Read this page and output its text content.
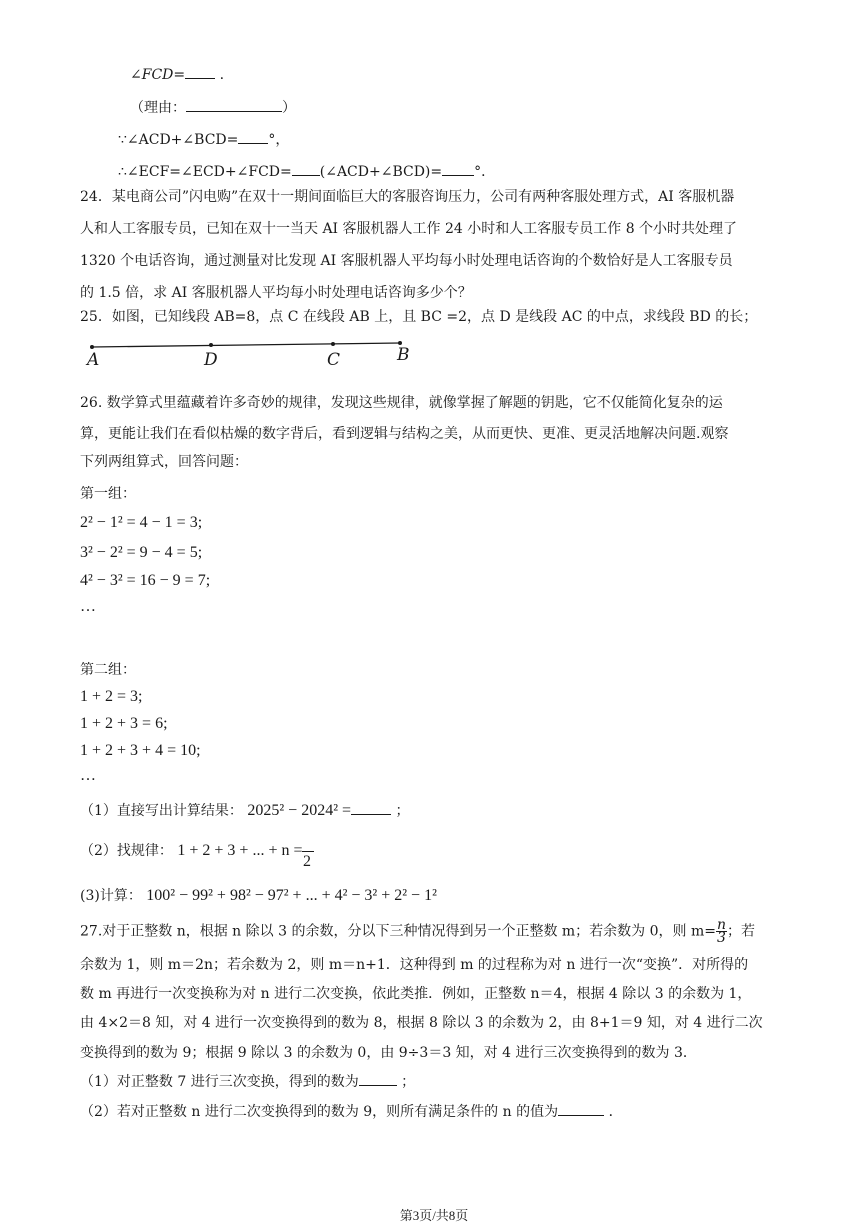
∠FCD= .
（理由：	）
∵∠ACD+∠BCD= °，
∴∠ECF=∠ECD+∠FCD= (∠ACD+∠BCD)= °．
24．某电商公司”闪电购”在双十一期间面临巨大的客服咨询压力，公司有两种客服处理方式，AI 客服机器
人和人工客服专员，已知在双十一当天 AI 客服机器人工作 24 小时和人工客服专员工作 8 个小时共处理了
1320 个电话咨询，通过测量对比发现 AI 客服机器人平均每小时处理电话咨询的个数恰好是人工客服专员
的 1.5 倍，求 AI 客服机器人平均每小时处理电话咨询多少个？
25．如图，已知线段 AB=8，点 C 在线段 AB 上，且 BC =2，点 D 是线段 AC 的中点，求线段 BD 的长；
A	D	C	B
26. 数学算式里蕴藏着许多奇妙的规律，发现这些规律，就像掌握了解题的钥匙，它不仅能简化复杂的运
算，更能让我们在看似枯燥的数字背后，看到逻辑与结构之美，从而更快、更准、更灵活地解决问题.观察
下列两组算式，回答问题：
第一组：
2² − 1² = 4 − 1 = 3;
3² − 2² = 9 − 4 = 5;
4² − 3² = 16 − 9 = 7;
…
第二组：
1 + 2 = 3;
1 + 2 + 3 = 6;
1 + 2 + 3 + 4 = 10;
…
（1）直接写出计算结果： 2025² − 2024² =	；
（2）找规律： 1 + 2 + 3 + ... + n =
2
(3)计算： 100² − 99² + 98² − 97² + ... + 4² − 3² + 2² − 1²
27.对于正整数 n，根据 n 除以 3 的余数，分以下三种情况得到另一个正整数 m；若余数为 0，则 $m= \frac{n}{3}$ ；若
余数为 1，则 m＝2n；若余数为 2，则 m＝n+1．这种得到 m 的过程称为对 n 进行一次“变换”．对所得的
数 m 再进行一次变换称为对 n 进行二次变换，依此类推．例如，正整数 n＝4，根据 4 除以 3 的余数为 1，
由 4×2＝8 知，对 4 进行一次变换得到的数为 8，根据 8 除以 3 的余数为 2，由 8+1＝9 知，对 4 进行二次
变换得到的数为 9；根据 9 除以 3 的余数为 0，由 9÷3＝3 知，对 4 进行三次变换得到的数为 3．
（1）对正整数 7 进行三次变换，得到的数为	；
（2）若对正整数 n 进行二次变换得到的数为 9，则所有满足条件的 n 的值为	．
第3页/共8页
